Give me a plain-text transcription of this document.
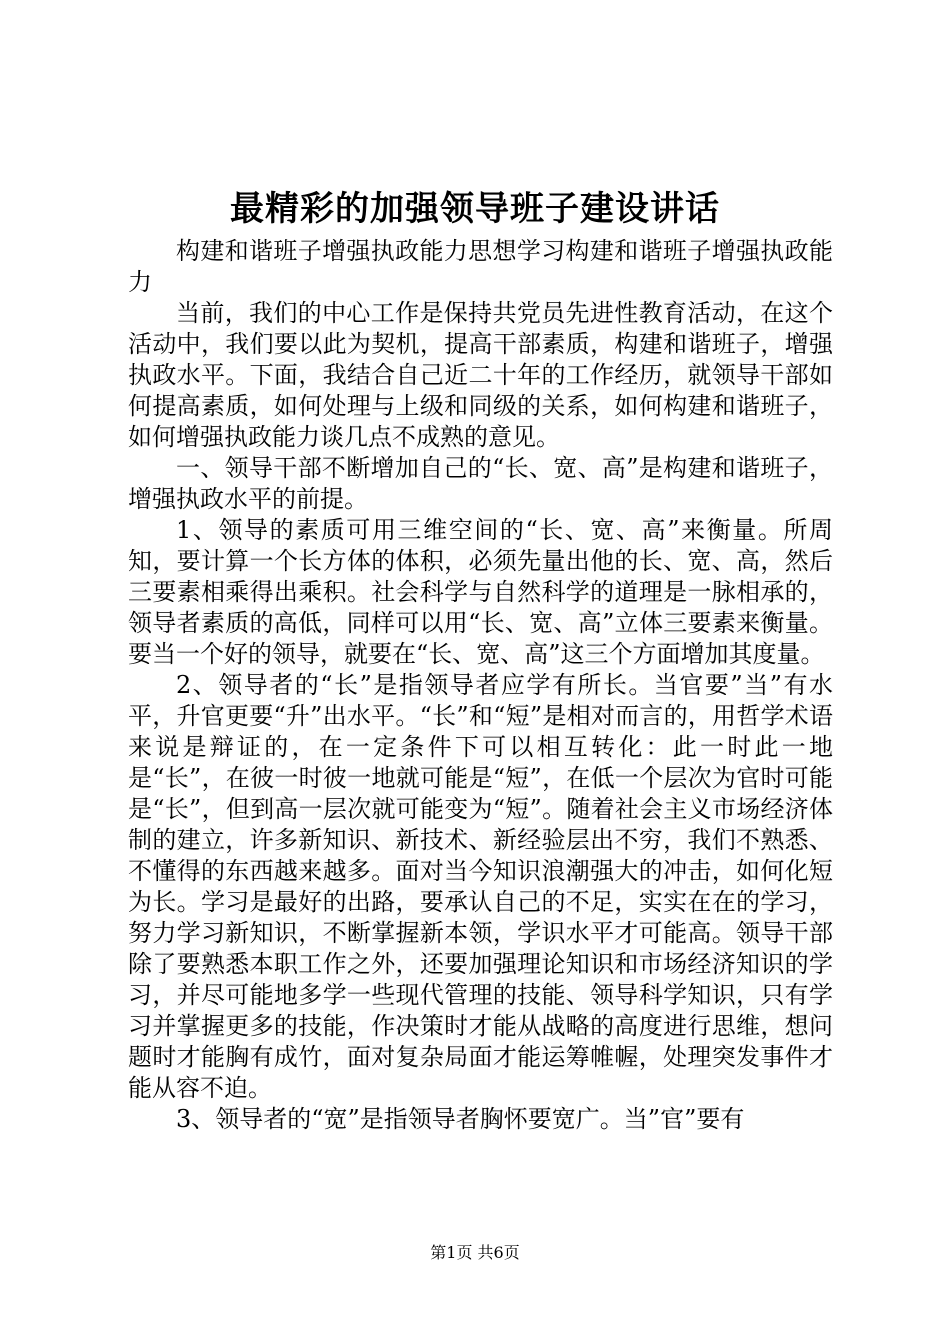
最精彩的加强领导班子建设讲话

构建和谐班子增强执政能力思想学习构建和谐班子增强执政能力

当前，我们的中心工作是保持共党员先进性教育活动，在这个活动中，我们要以此为契机，提高干部素质，构建和谐班子，增强执政水平。下面，我结合自己近二十年的工作经历，就领导干部如何提高素质，如何处理与上级和同级的关系，如何构建和谐班子，如何增强执政能力谈几点不成熟的意见。

一、领导干部不断增加自己的“长、宽、高”是构建和谐班子，增强执政水平的前提。

1、领导的素质可用三维空间的“长、宽、高”来衡量。所周知，要计算一个长方体的体积，必须先量出他的长、宽、高，然后三要素相乘得出乘积。社会科学与自然科学的道理是一脉相承的，领导者素质的高低，同样可以用“长、宽、高”立体三要素来衡量。要当一个好的领导，就要在“长、宽、高”这三个方面增加其度量。

2、领导者的“长”是指领导者应学有所长。当官要”当”有水平，升官更要“升”出水平。“长”和“短”是相对而言的，用哲学术语来说是辩证的，在一定条件下可以相互转化：此一时此一地是“长”，在彼一时彼一地就可能是“短”，在低一个层次为官时可能是“长”，但到高一层次就可能变为“短”。随着社会主义市场经济体制的建立，许多新知识、新技术、新经验层出不穷，我们不熟悉、不懂得的东西越来越多。面对当今知识浪潮强大的冲击，如何化短为长。学习是最好的出路，要承认自己的不足，实实在在的学习，努力学习新知识，不断掌握新本领，学识水平才可能高。领导干部除了要熟悉本职工作之外，还要加强理论知识和市场经济知识的学习，并尽可能地多学一些现代管理的技能、领导科学知识，只有学习并掌握更多的技能，作决策时才能从战略的高度进行思维，想问题时才能胸有成竹，面对复杂局面才能运筹帷幄，处理突发事件才能从容不迫。

3、领导者的“宽”是指领导者胸怀要宽广。当”官”要有

第1页 共6页
